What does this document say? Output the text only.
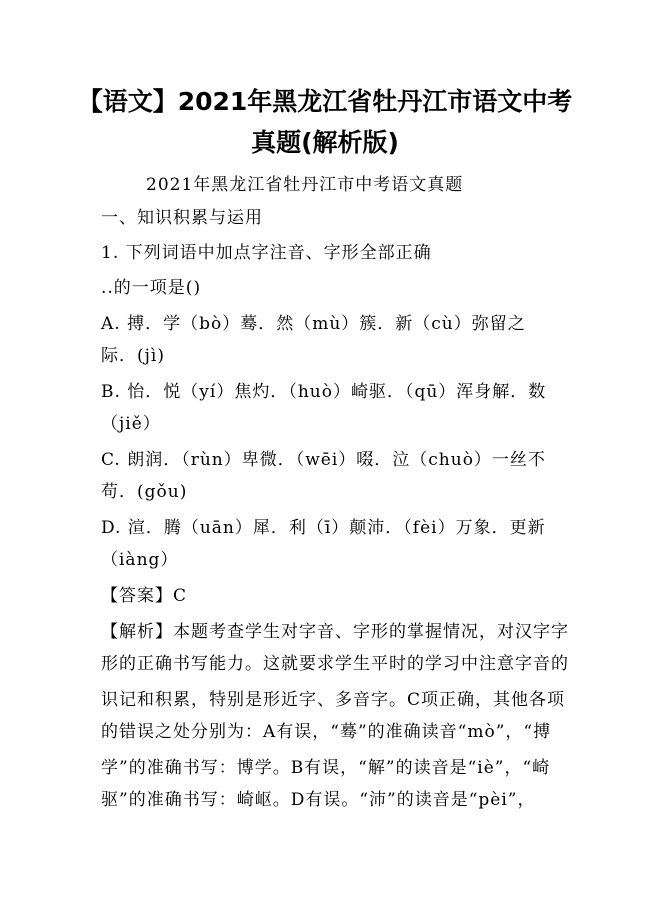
【语文】2021年黑龙江省牡丹江市语文中考
真题(解析版)
2021年黑龙江省牡丹江市中考语文真题
一、知识积累与运用
1. 下列词语中加点字注音、字形全部正确
..的一项是()
A. 搏．学（bò）蓦．然（mù）簇．新（cù）弥留之
际．(jì)
B. 怡．悦（yí）焦灼．（huò）崎驱．（qū）浑身解．数
（jiě）
C. 朗润．（rùn）卑微．（wēi）啜．泣（chuò）一丝不
苟．(gǒu)
D. 渲．腾（uān）犀．利（ī）颠沛．（fèi）万象．更新
（iàng）
【答案】C
【解析】本题考查学生对字音、字形的掌握情况，对汉字字
形的正确书写能力。这就要求学生平时的学习中注意字音的
识记和积累，特别是形近字、多音字。C项正确，其他各项
的错误之处分别为：A有误，“蓦”的准确读音“mò”，“搏
学”的准确书写：博学。B有误，“解”的读音是“iè”，“崎
驱”的准确书写：崎岖。D有误。“沛”的读音是“pèi”，
